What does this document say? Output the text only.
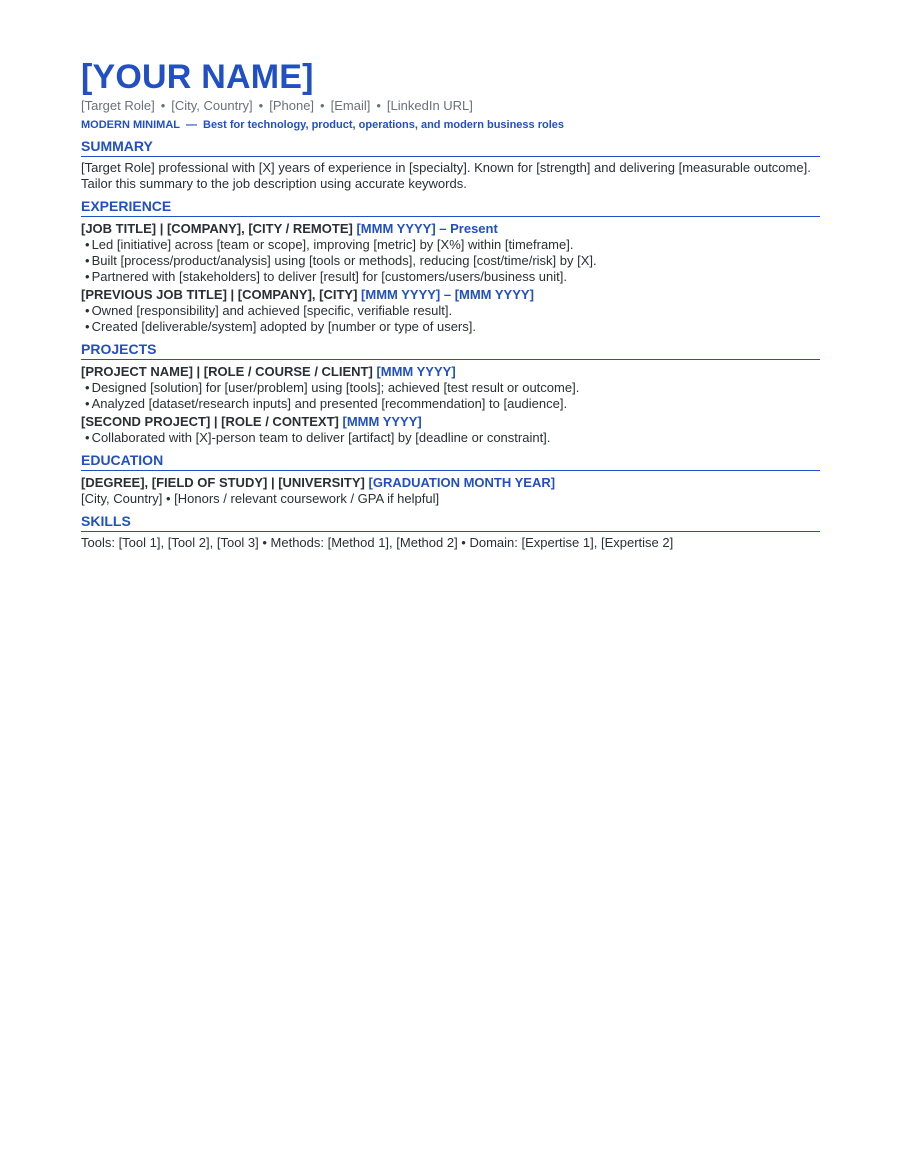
[YOUR NAME]
[Target Role] • [City, Country] • [Phone] • [Email] • [LinkedIn URL]
MODERN MINIMAL — Best for technology, product, operations, and modern business roles
SUMMARY
[Target Role] professional with [X] years of experience in [specialty]. Known for [strength] and delivering [measurable outcome].
Tailor this summary to the job description using accurate keywords.
EXPERIENCE
[JOB TITLE] | [COMPANY], [CITY / REMOTE] [MMM YYYY] – Present
• Led [initiative] across [team or scope], improving [metric] by [X%] within [timeframe].
• Built [process/product/analysis] using [tools or methods], reducing [cost/time/risk] by [X].
• Partnered with [stakeholders] to deliver [result] for [customers/users/business unit].
[PREVIOUS JOB TITLE] | [COMPANY], [CITY] [MMM YYYY] – [MMM YYYY]
• Owned [responsibility] and achieved [specific, verifiable result].
• Created [deliverable/system] adopted by [number or type of users].
PROJECTS
[PROJECT NAME] | [ROLE / COURSE / CLIENT] [MMM YYYY]
• Designed [solution] for [user/problem] using [tools]; achieved [test result or outcome].
• Analyzed [dataset/research inputs] and presented [recommendation] to [audience].
[SECOND PROJECT] | [ROLE / CONTEXT] [MMM YYYY]
• Collaborated with [X]-person team to deliver [artifact] by [deadline or constraint].
EDUCATION
[DEGREE], [FIELD OF STUDY] | [UNIVERSITY] [GRADUATION MONTH YEAR]
[City, Country] • [Honors / relevant coursework / GPA if helpful]
SKILLS
Tools: [Tool 1], [Tool 2], [Tool 3] • Methods: [Method 1], [Method 2] • Domain: [Expertise 1], [Expertise 2]
